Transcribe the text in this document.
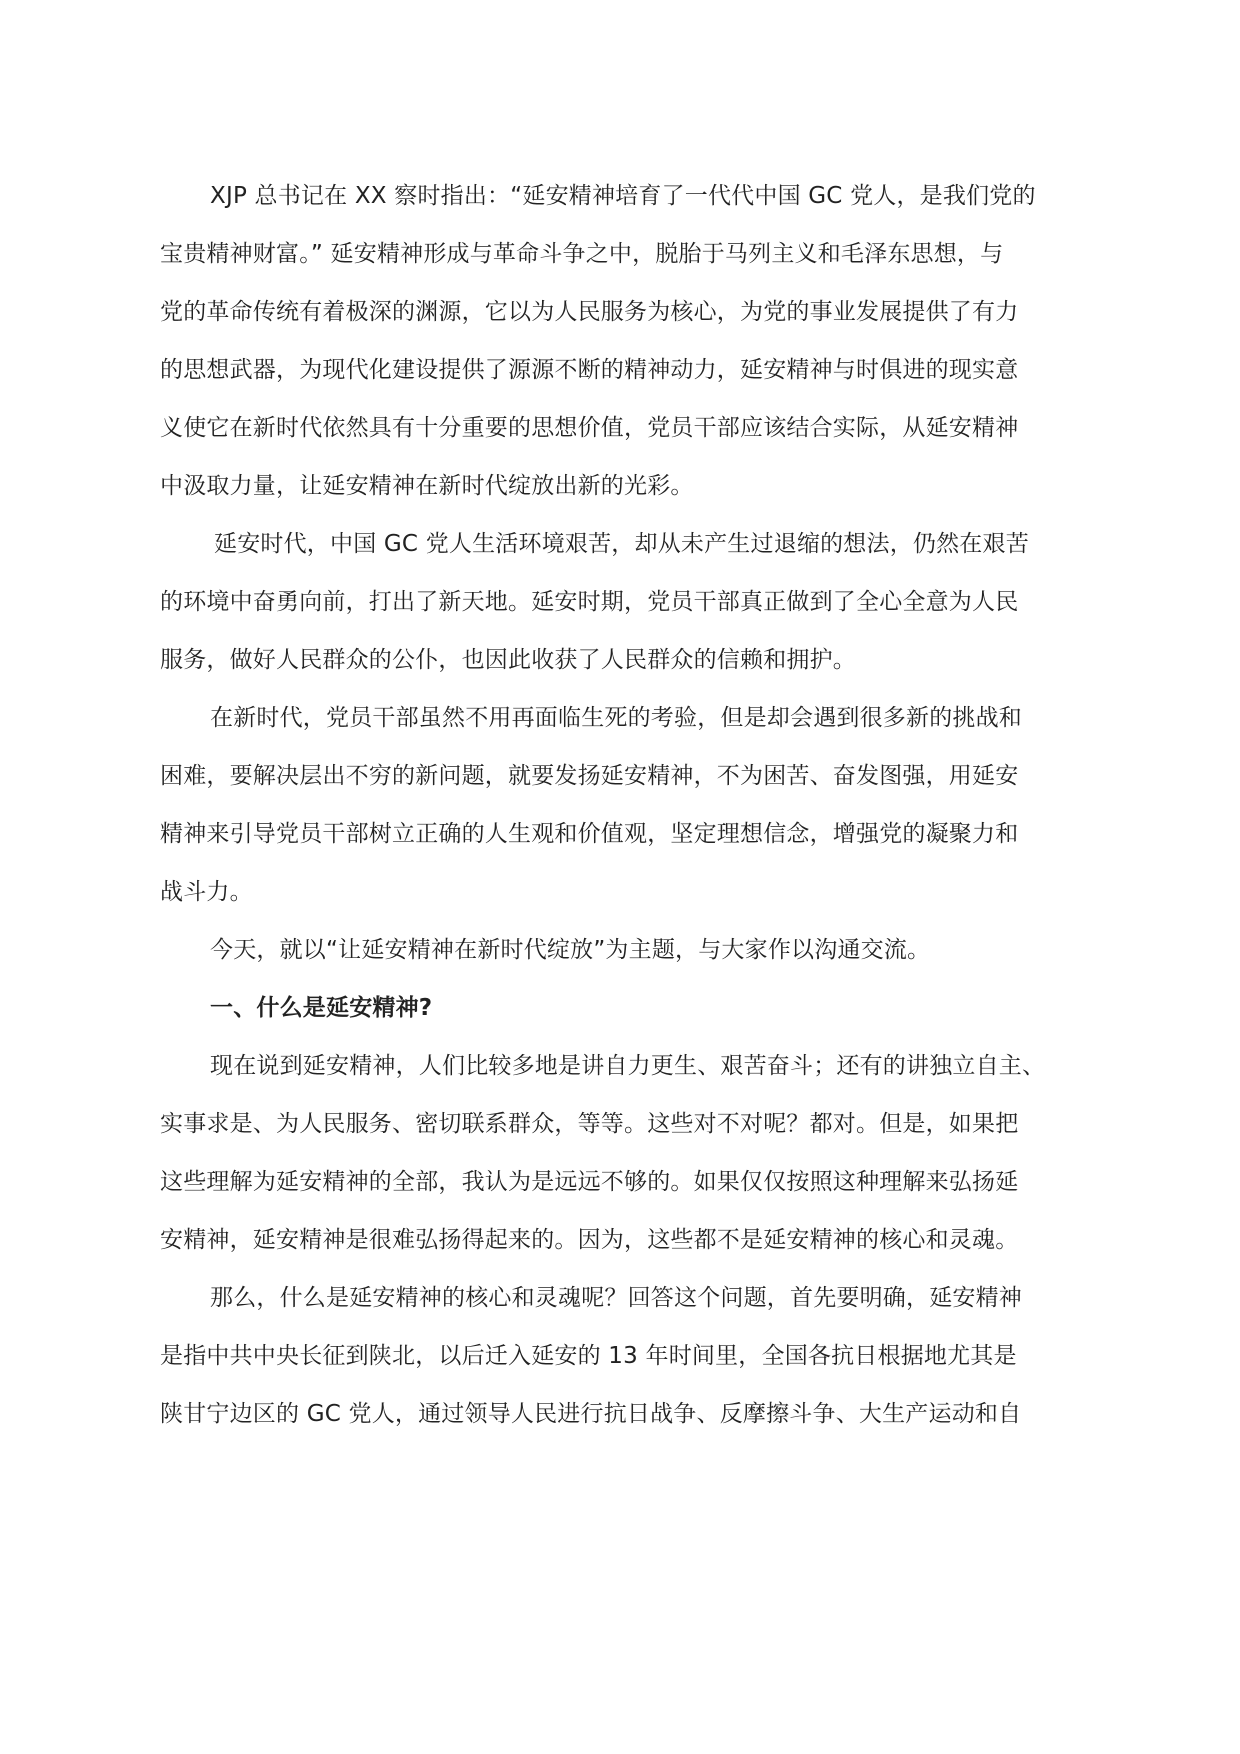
XJP 总书记在 XX 察时指出：“延安精神培育了一代代中国 GC 党人，是我们党的
宝贵精神财富。” 延安精神形成与革命斗争之中，脱胎于马列主义和毛泽东思想，与
党的革命传统有着极深的渊源，它以为人民服务为核心，为党的事业发展提供了有力
的思想武器，为现代化建设提供了源源不断的精神动力，延安精神与时俱进的现实意
义使它在新时代依然具有十分重要的思想价值，党员干部应该结合实际，从延安精神
中汲取力量，让延安精神在新时代绽放出新的光彩。
延安时代，中国 GC 党人生活环境艰苦，却从未产生过退缩的想法，仍然在艰苦
的环境中奋勇向前，打出了新天地。延安时期，党员干部真正做到了全心全意为人民
服务，做好人民群众的公仆，也因此收获了人民群众的信赖和拥护。
在新时代，党员干部虽然不用再面临生死的考验，但是却会遇到很多新的挑战和
困难，要解决层出不穷的新问题，就要发扬延安精神，不为困苦、奋发图强，用延安
精神来引导党员干部树立正确的人生观和价值观，坚定理想信念，增强党的凝聚力和
战斗力。
今天，就以“让延安精神在新时代绽放”为主题，与大家作以沟通交流。
一、什么是延安精神?
现在说到延安精神，人们比较多地是讲自力更生、艰苦奋斗；还有的讲独立自主、
实事求是、为人民服务、密切联系群众，等等。这些对不对呢？都对。但是，如果把
这些理解为延安精神的全部，我认为是远远不够的。如果仅仅按照这种理解来弘扬延
安精神，延安精神是很难弘扬得起来的。因为，这些都不是延安精神的核心和灵魂。
那么，什么是延安精神的核心和灵魂呢？回答这个问题，首先要明确，延安精神
是指中共中央长征到陕北，以后迁入延安的 13 年时间里，全国各抗日根据地尤其是
陕甘宁边区的 GC 党人，通过领导人民进行抗日战争、反摩擦斗争、大生产运动和自
